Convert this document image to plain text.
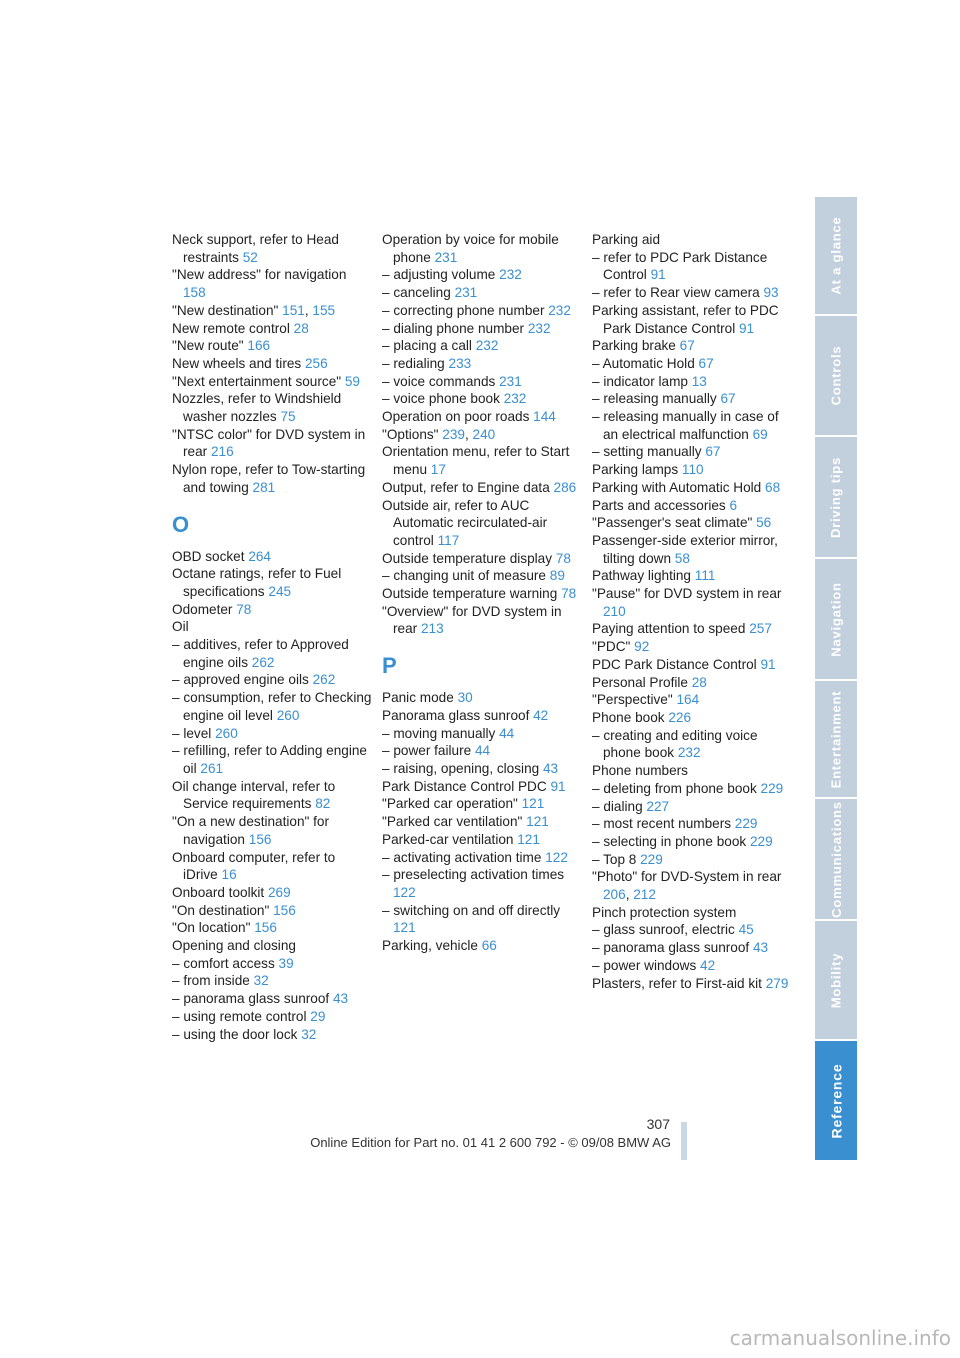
Neck support, refer to Head restraints 52
"New address" for navigation 158
"New destination" 151, 155
New remote control 28
"New route" 166
New wheels and tires 256
"Next entertainment source" 59
Nozzles, refer to Windshield washer nozzles 75
"NTSC color" for DVD system in rear 216
Nylon rope, refer to Tow-starting and towing 281
O
OBD socket 264
Octane ratings, refer to Fuel specifications 245
Odometer 78
Oil
– additives, refer to Approved engine oils 262
– approved engine oils 262
– consumption, refer to Checking engine oil level 260
– level 260
– refilling, refer to Adding engine oil 261
Oil change interval, refer to Service requirements 82
"On a new destination" for navigation 156
Onboard computer, refer to iDrive 16
Onboard toolkit 269
"On destination" 156
"On location" 156
Opening and closing
– comfort access 39
– from inside 32
– panorama glass sunroof 43
– using remote control 29
– using the door lock 32
Operation by voice for mobile phone 231
– adjusting volume 232
– canceling 231
– correcting phone number 232
– dialing phone number 232
– placing a call 232
– redialing 233
– voice commands 231
– voice phone book 232
Operation on poor roads 144
"Options" 239, 240
Orientation menu, refer to Start menu 17
Output, refer to Engine data 286
Outside air, refer to AUC Automatic recirculated-air control 117
Outside temperature display 78
– changing unit of measure 89
Outside temperature warning 78
"Overview" for DVD system in rear 213
P
Panic mode 30
Panorama glass sunroof 42
– moving manually 44
– power failure 44
– raising, opening, closing 43
Park Distance Control PDC 91
"Parked car operation" 121
"Parked car ventilation" 121
Parked-car ventilation 121
– activating activation time 122
– preselecting activation times 122
– switching on and off directly 121
Parking, vehicle 66
Parking aid
– refer to PDC Park Distance Control 91
– refer to Rear view camera 93
Parking assistant, refer to PDC Park Distance Control 91
Parking brake 67
– Automatic Hold 67
– indicator lamp 13
– releasing manually 67
– releasing manually in case of an electrical malfunction 69
– setting manually 67
Parking lamps 110
Parking with Automatic Hold 68
Parts and accessories 6
"Passenger's seat climate" 56
Passenger-side exterior mirror, tilting down 58
Pathway lighting 111
"Pause" for DVD system in rear 210
Paying attention to speed 257
"PDC" 92
PDC Park Distance Control 91
Personal Profile 28
"Perspective" 164
Phone book 226
– creating and editing voice phone book 232
Phone numbers
– deleting from phone book 229
– dialing 227
– most recent numbers 229
– selecting in phone book 229
– Top 8 229
"Photo" for DVD-System in rear 206, 212
Pinch protection system
– glass sunroof, electric 45
– panorama glass sunroof 43
– power windows 42
Plasters, refer to First-aid kit 279
At a glance
Controls
Driving tips
Navigation
Entertainment
Communications
Mobility
Reference
307
Online Edition for Part no. 01 41 2 600 792 - © 09/08 BMW AG
carmanualsonline.info
